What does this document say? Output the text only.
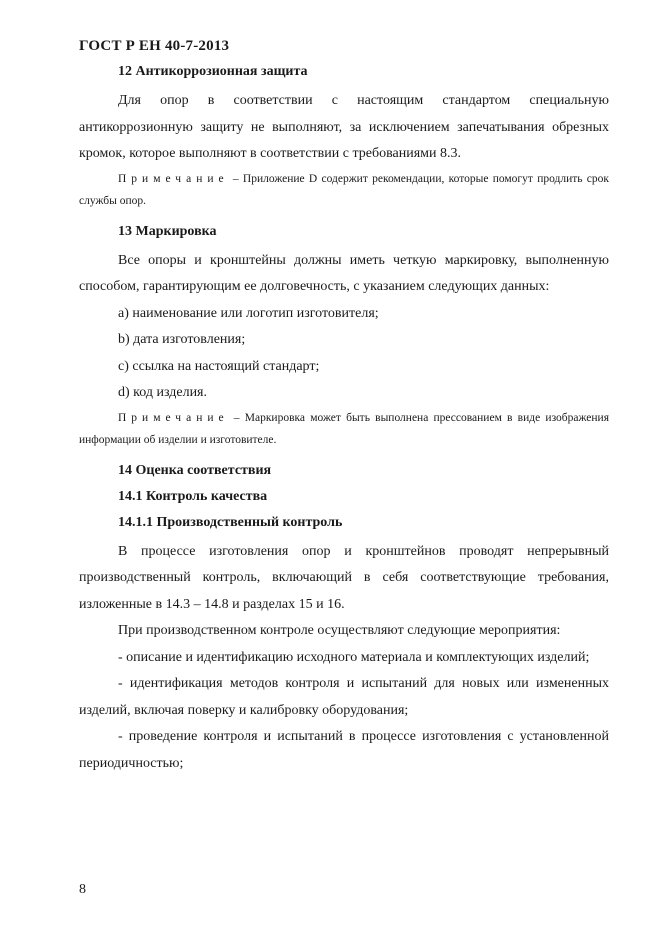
ГОСТ Р ЕН 40-7-2013

12 Антикоррозионная защита

Для опор в соответствии с настоящим стандартом специальную антикоррозионную защиту не выполняют, за исключением запечатывания обрезных кромок, которое выполняют в соответствии с требованиями 8.3.

Примечание – Приложение D содержит рекомендации, которые помогут продлить срок службы опор.

13 Маркировка

Все опоры и кронштейны должны иметь четкую маркировку, выполненную способом, гарантирующим ее долговечность, с указанием следующих данных:

a) наименование или логотип изготовителя;

b) дата изготовления;

c) ссылка на настоящий стандарт;

d) код изделия.

Примечание – Маркировка может быть выполнена прессованием в виде изображения информации об изделии и изготовителе.

14 Оценка соответствия

14.1 Контроль качества

14.1.1 Производственный контроль

В процессе изготовления опор и кронштейнов проводят непрерывный производственный контроль, включающий в себя соответствующие требования, изложенные в 14.3 – 14.8 и разделах 15 и 16.

При производственном контроле осуществляют следующие мероприятия:

- описание и идентификацию исходного материала и комплектующих изделий;

- идентификация методов контроля и испытаний для новых или измененных изделий, включая поверку и калибровку оборудования;

- проведение контроля и испытаний в процессе изготовления с установленной периодичностью;

8
